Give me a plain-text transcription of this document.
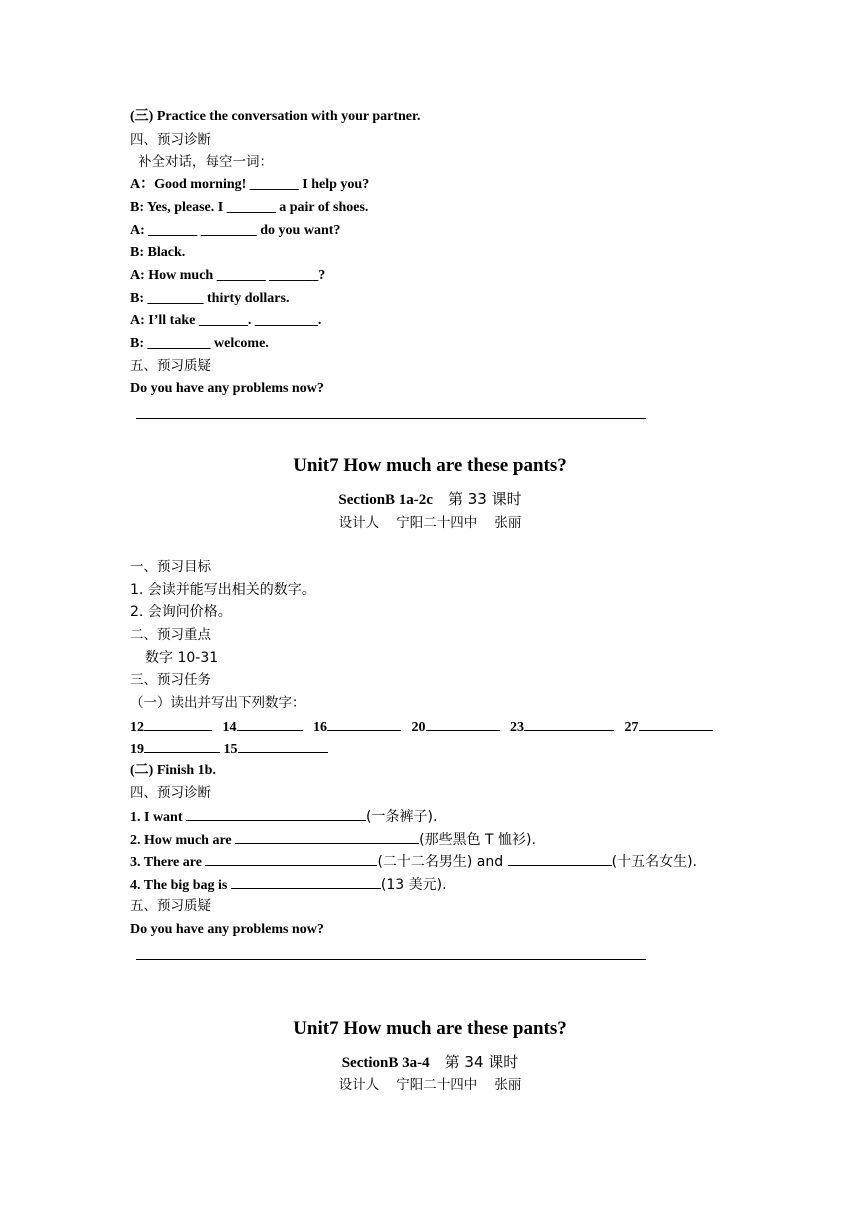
(三) Practice the conversation with your partner.
四、预习诊断
补全对话，每空一词：
A：Good morning! _______ I help you?
B: Yes, please. I _______ a pair of shoes.
A: _______ ________ do you want?
B: Black.
A: How much _______ _______?
B: ________ thirty dollars.
A: I’ll take _______. _________.
B: _________ welcome.
五、预习质疑
Do you have any problems now?
Unit7 How much are these pants?
SectionB 1a-2c 第 33 课时
设计人    宁阳二十四中    张丽
一、预习目标
1. 会读并能写出相关的数字。
2. 会询问价格。
二、预习重点
数字 10-31
三、预习任务
（一）读出并写出下列数字：
12	14	16	20	23	27
19	15
(二) Finish 1b.
四、预习诊断
1. I want	(一条裤子).
2. How much are	(那些黑色 T 恤衫).
3. There are	(二十二名男生) and	(十五名女生).
4. The big bag is	(13 美元).
五、预习质疑
Do you have any problems now?
Unit7 How much are these pants?
SectionB 3a-4 第 34 课时
设计人    宁阳二十四中    张丽
